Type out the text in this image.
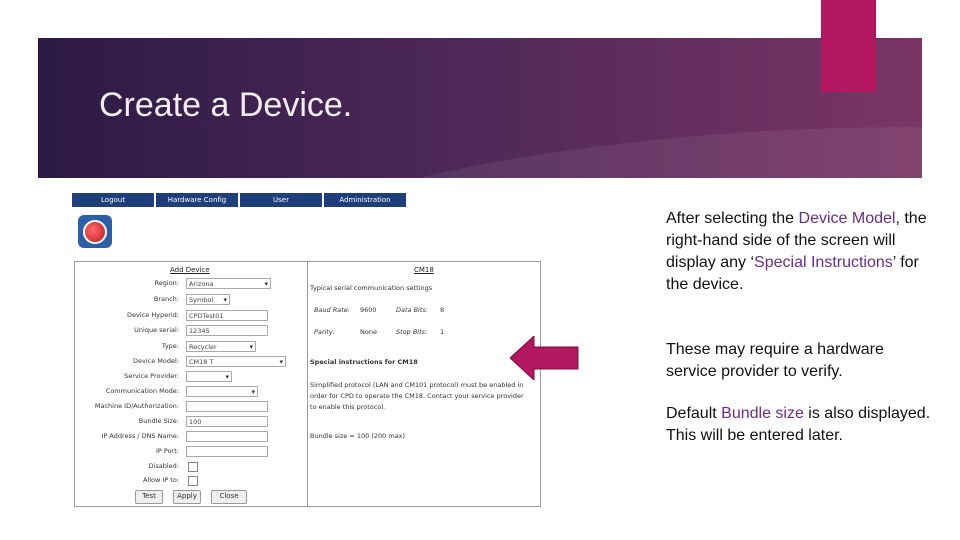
Create a Device.
Logout	Hardware Config	User	Administration
Add Device
Region:	Arizona ▾
Branch:	Symbol ▾
Device Hyperid:	CPDTest01
Unique serial:	12345
Type:	Recycler ▾
Device Model:	CM18 T ▾
Service Provider:
▾
Communication Mode:
▾
Machine ID/Authorization:
Bundle Size:	100
IP Address / DNS Name:
IP Port:
Disabled:
Allow IP to:
Test	Apply	Close
CM18
Typical serial communication settings
Baud Rate: 9600	Data Bits: 8
Parity:	None	Stop Bits: 1
Special instructions for CM18
Simplified protocol (LAN and CM101 protocol) must be enabled in
order for CPD to operate the CM18. Contact your service provider
to enable this protocol.
Bundle size = 100 (200 max)
After selecting the Device Model, the right-hand side of the screen will display any ‘Special Instructions’ for the device.
These may require a hardware service provider to verify.
Default Bundle size is also displayed. This will be entered later.
